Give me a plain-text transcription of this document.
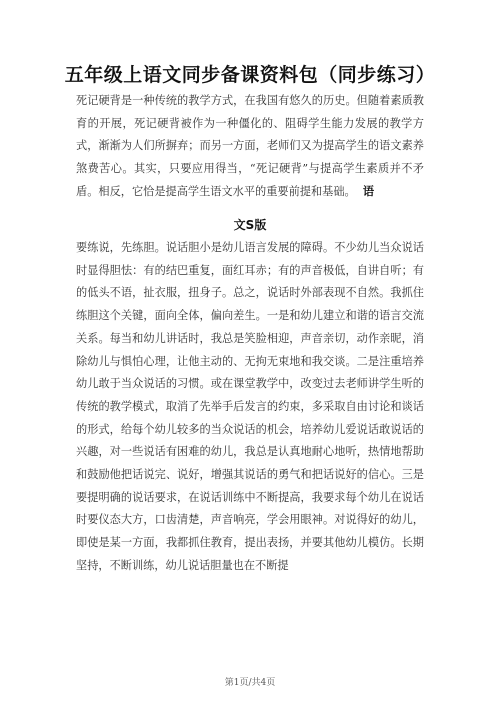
五年级上语文同步备课资料包（同步练习）
死记硬背是一种传统的教学方式，在我国有悠久的历史。但随着素质教育的开展，死记硬背被作为一种僵化的、阻碍学生能力发展的教学方式，渐渐为人们所摒弃；而另一方面，老师们又为提高学生的语文素养煞费苦心。其实，只要应用得当，“死记硬背”与提高学生素质并不矛盾。相反，它恰是提高学生语文水平的重要前提和基础。 语
文S版
要练说，先练胆。说话胆小是幼儿语言发展的障碍。不少幼儿当众说话时显得胆怯：有的结巴重复，面红耳赤；有的声音极低，自讲自听；有的低头不语，扯衣服，扭身子。总之，说话时外部表现不自然。我抓住练胆这个关键，面向全体，偏向差生。一是和幼儿建立和谐的语言交流关系。每当和幼儿讲话时，我总是笑脸相迎，声音亲切，动作亲昵，消除幼儿与惧怕心理，让他主动的、无拘无束地和我交谈。二是注重培养幼儿敢于当众说话的习惯。或在课堂教学中，改变过去老师讲学生听的传统的教学模式，取消了先举手后发言的约束，多采取自由讨论和谈话的形式，给每个幼儿较多的当众说话的机会，培养幼儿爱说话敢说话的兴趣，对一些说话有困难的幼儿，我总是认真地耐心地听，热情地帮助和鼓励他把话说完、说好，增强其说话的勇气和把话说好的信心。三是要提明确的说话要求，在说话训练中不断提高，我要求每个幼儿在说话时要仪态大方，口齿清楚，声音响亮，学会用眼神。对说得好的幼儿，即使是某一方面，我都抓住教育，提出表扬，并要其他幼儿模仿。长期坚持，不断训练，幼儿说话胆量也在不断提
第1页/共4页
